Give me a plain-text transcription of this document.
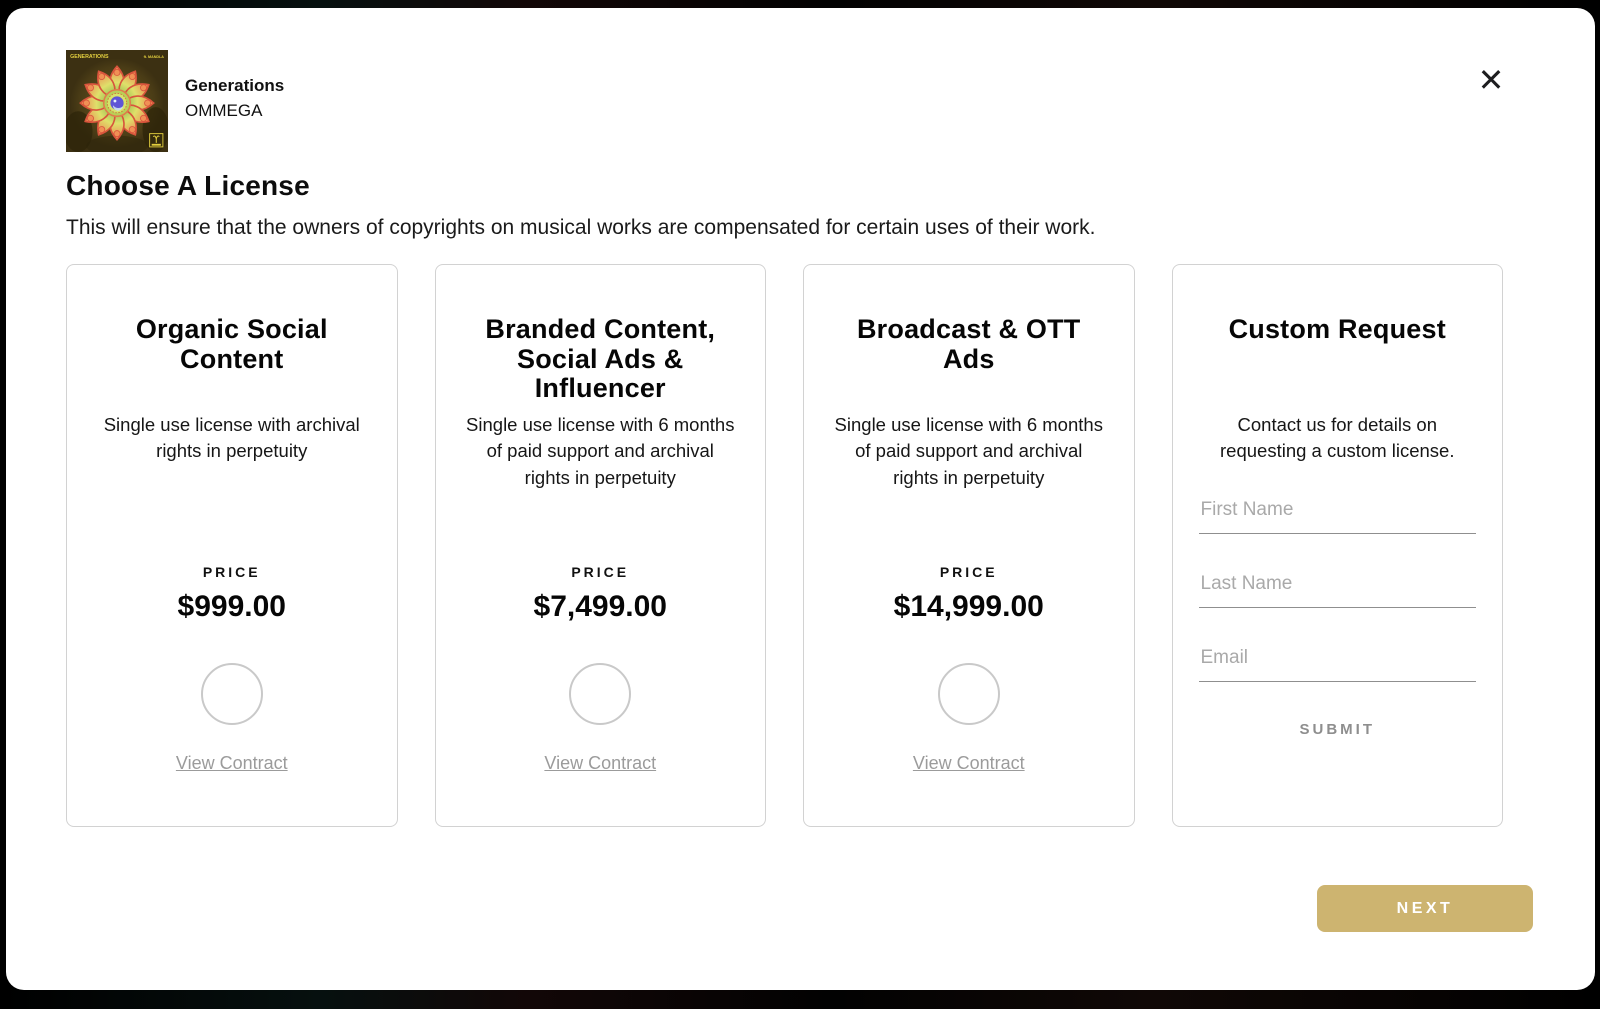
✕
GENERATIONS	ft. MANDLA
Generations
OMMEGA
Choose A License

This will ensure that the owners of copyrights on musical works are compensated for certain uses of their work.

Organic Social Content

Single use license with archival rights in perpetuity

PRICE
$999.00
View Contract
Branded Content, Social Ads & Influencer

Single use license with 6 months of paid support and archival rights in perpetuity

PRICE
$7,499.00
View Contract
Broadcast & OTT Ads

Single use license with 6 months of paid support and archival rights in perpetuity

PRICE
$14,999.00
View Contract
Custom Request

Contact us for details on requesting a custom license.

First Name
Last Name
Email
SUBMIT
NEXT
